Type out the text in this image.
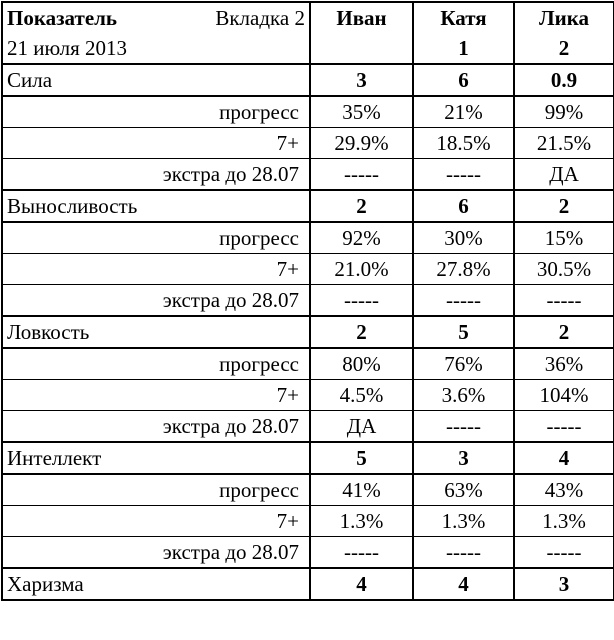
Показатель Вкладка 2	Иван	Катя	Лика
21 июля 2013		1	2
Сила	3	6	0.9
прогресс	35%	21%	99%
7+	29.9%	18.5%	21.5%
экстра до 28.07	-----	-----	ДА
Выносливость	2	6	2
прогресс	92%	30%	15%
7+	21.0%	27.8%	30.5%
экстра до 28.07	-----	-----	-----
Ловкость	2	5	2
прогресс	80%	76%	36%
7+	4.5%	3.6%	104%
экстра до 28.07	ДА	-----	-----
Интеллект	5	3	4
прогресс	41%	63%	43%
7+	1.3%	1.3%	1.3%
экстра до 28.07	-----	-----	-----
Харизма	4	4	3
